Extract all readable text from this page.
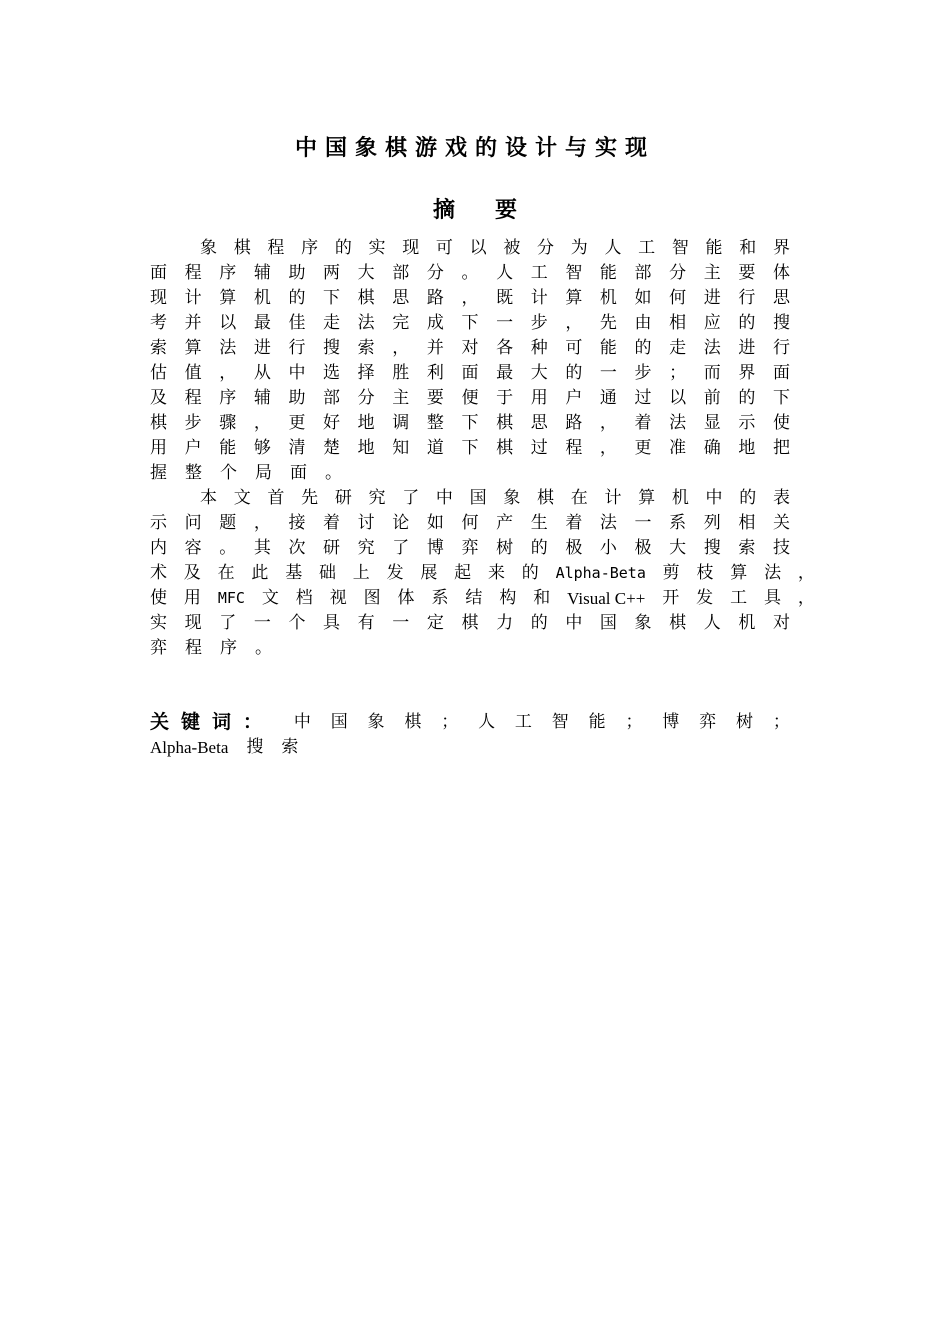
中国象棋游戏的设计与实现
摘要
象 棋 程 序 的 实 现 可 以 被 分 为 人 工 智 能 和 界
面 程 序 辅 助 两 大 部 分 。 人 工 智 能 部 分 主 要 体
现 计 算 机 的 下 棋 思 路 ， 既 计 算 机 如 何 进 行 思
考 并 以 最 佳 走 法 完 成 下 一 步 ， 先 由 相 应 的 搜
索 算 法 进 行 搜 索 ， 并 对 各 种 可 能 的 走 法 进 行
估 值 ， 从 中 选 择 胜 利 面 最 大 的 一 步 ； 而 界 面
及 程 序 辅 助 部 分 主 要 便 于 用 户 通 过 以 前 的 下
棋 步 骤 ， 更 好 地 调 整 下 棋 思 路 ， 着 法 显 示 使
用 户 能 够 清 楚 地 知 道 下 棋 过 程 ， 更 准 确 地 把
握 整 个 局 面 。
本 文 首 先 研 究 了 中 国 象 棋 在 计 算 机 中 的 表
示 问 题 ， 接 着 讨 论 如 何 产 生 着 法 一 系 列 相 关
内 容 。 其 次 研 究 了 博 弈 树 的 极 小 极 大 搜 索 技
术 及 在 此 基 础 上 发 展 起 来 的 Alpha-Beta 剪 枝 算 法 ，
使 用 MFC 文 档 视 图 体 系 结 构 和 Visual C++ 开 发 工 具 ，
实 现 了 一 个 具 有 一 定 棋 力 的 中 国 象 棋 人 机 对
弈 程 序 。
关键词： 中 国 象 棋 ； 人 工 智 能 ； 博 弈 树 ；
Alpha-Beta 搜 索
